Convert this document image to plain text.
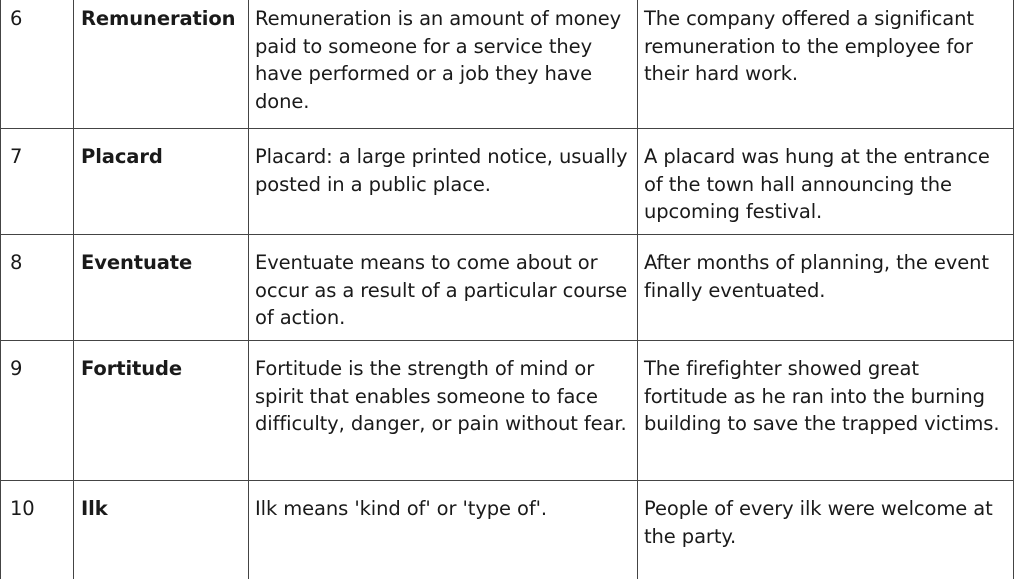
6	Remuneration	Remuneration is an amount of money paid to someone for a service they have performed or a job they have done.	The company offered a significant remuneration to the employee for their hard work.
7	Placard	Placard: a large printed notice, usually posted in a public place.	A placard was hung at the entrance of the town hall announcing the upcoming festival.
8	Eventuate	Eventuate means to come about or occur as a result of a particular course of action.	After months of planning, the event finally eventuated.
9	Fortitude	Fortitude is the strength of mind or spirit that enables someone to face difficulty, danger, or pain without fear.	The firefighter showed great fortitude as he ran into the burning building to save the trapped victims.
10	Ilk	Ilk means 'kind of' or 'type of'.	People of every ilk were welcome at the party.
